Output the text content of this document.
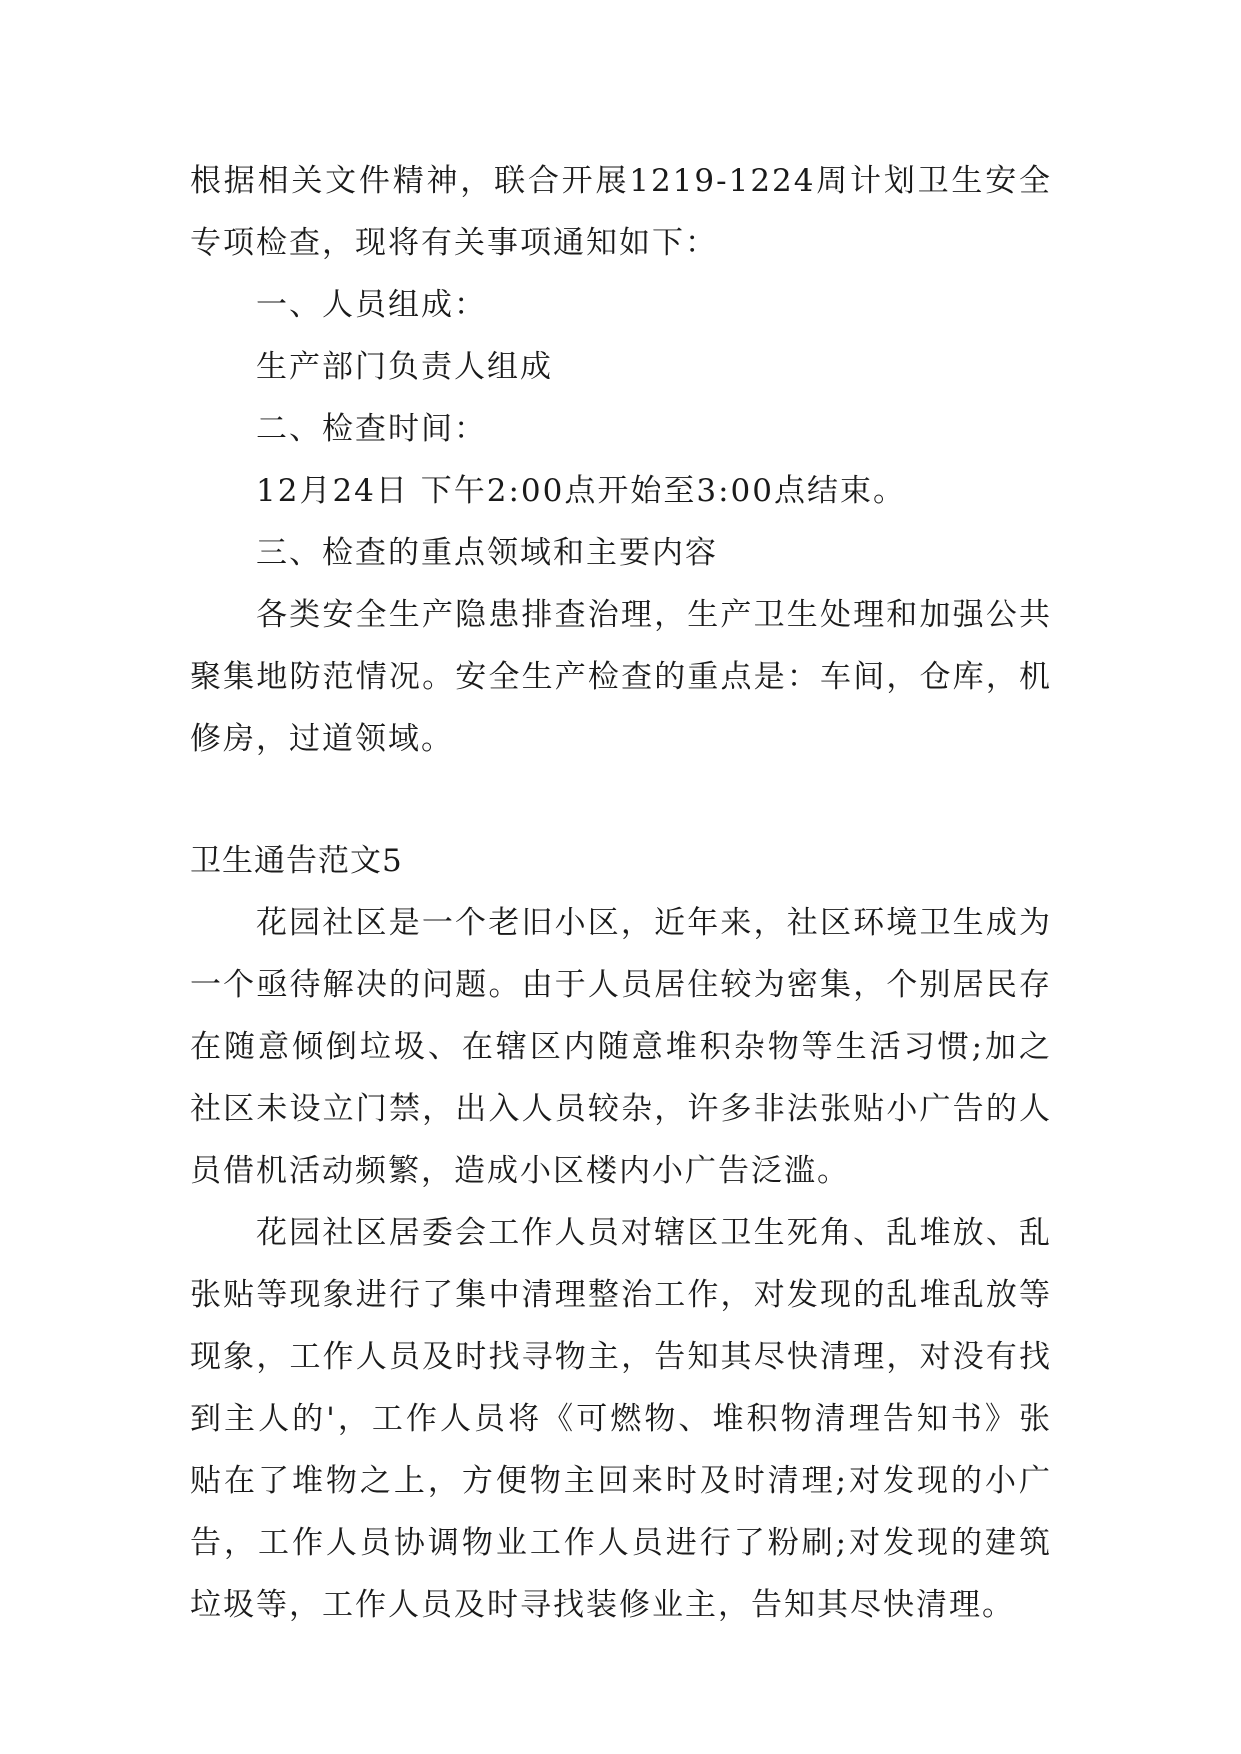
根据相关文件精神，联合开展1219-1224周计划卫生安全专项检查，现将有关事项通知如下：

一、人员组成：

生产部门负责人组成

二、检查时间：

12月24日 下午2:00点开始至3:00点结束。

三、检查的重点领域和主要内容

各类安全生产隐患排查治理，生产卫生处理和加强公共聚集地防范情况。安全生产检查的重点是：车间，仓库，机修房，过道领域。

卫生通告范文5

花园社区是一个老旧小区，近年来，社区环境卫生成为一个亟待解决的问题。由于人员居住较为密集，个别居民存在随意倾倒垃圾、在辖区内随意堆积杂物等生活习惯;加之社区未设立门禁，出入人员较杂，许多非法张贴小广告的人员借机活动频繁，造成小区楼内小广告泛滥。

花园社区居委会工作人员对辖区卫生死角、乱堆放、乱张贴等现象进行了集中清理整治工作，对发现的乱堆乱放等现象，工作人员及时找寻物主，告知其尽快清理，对没有找到主人的'，工作人员将《可燃物、堆积物清理告知书》张贴在了堆物之上，方便物主回来时及时清理;对发现的小广告，工作人员协调物业工作人员进行了粉刷;对发现的建筑垃圾等，工作人员及时寻找装修业主，告知其尽快清理。
